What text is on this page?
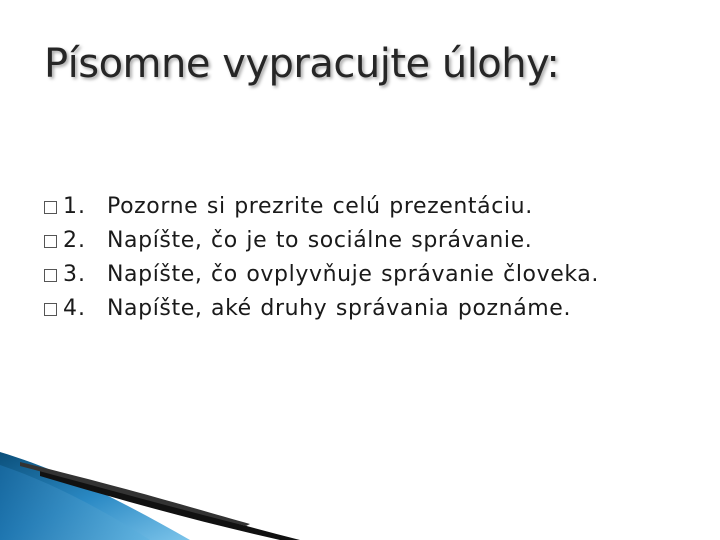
Písomne vypracujte úlohy:
1. Pozorne si prezrite celú prezentáciu.
2. Napíšte, čo je to sociálne správanie.
3. Napíšte, čo ovplyvňuje správanie človeka.
4. Napíšte, aké druhy správania poznáme.
